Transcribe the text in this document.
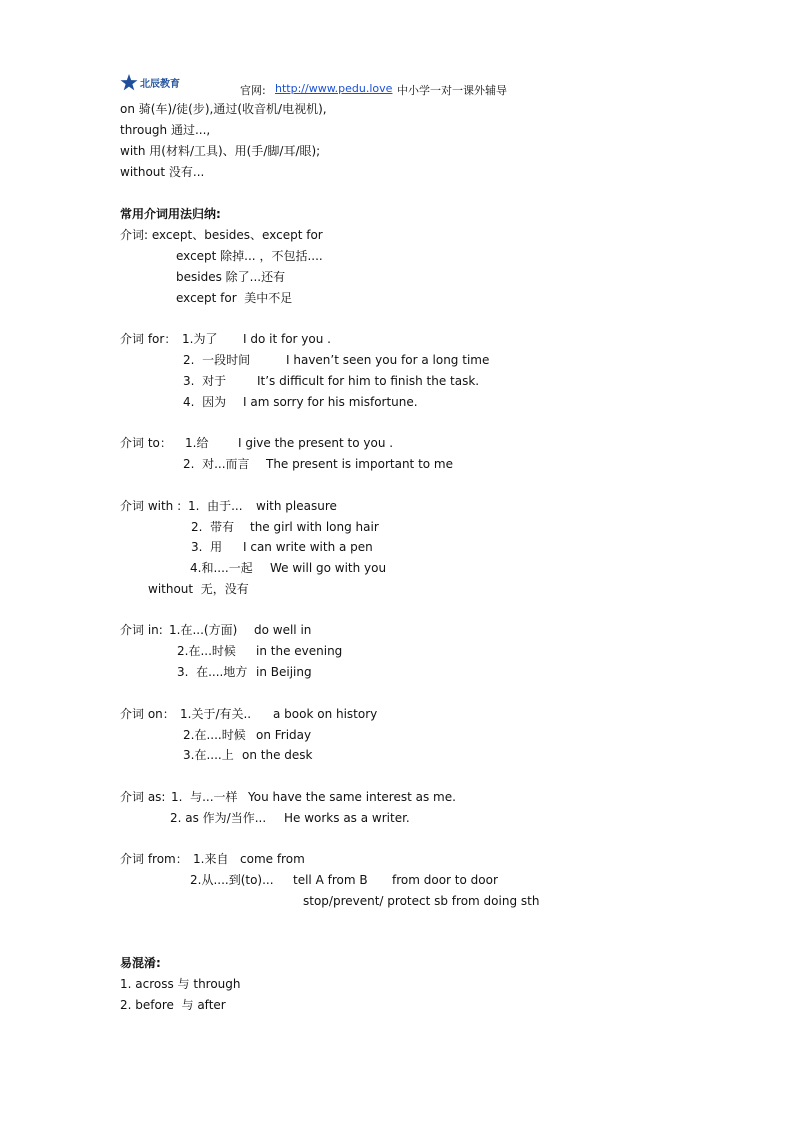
北辰教育	官网: http://www.pedu.love 中小学一对一课外辅导
on 骑(车)/徒(步),通过(收音机/电视机),
through 通过...,
with 用(材料/工具)、用(手/脚/耳/眼);
without 没有...
常用介词用法归纳:
介词: except、besides、except for
except 除掉... ，不包括....
besides 除了...还有
except for  美中不足
介词 for： 1.为了 I do it for you .
2.  一段时间	I haven’t seen you for a long time
3.  对于	It’s difficult for him to finish the task.
4.  因为 I am sorry for his misfortune.
介词 to： 1.给 I give the present to you .
2.  对...而言 The present is important to me
介词 with : 1.  由于... with pleasure
2.  带有 the girl with long hair
3.  用 I can write with a pen
4.和....一起 We will go with you
without  无，没有
介词 in: 1.在...(方面) do well in
2.在...时候 in the evening
3.  在....地方 in Beijing
介词 on： 1.关于/有关.. a book on history
2.在....时候 on Friday
3.在....上 on the desk
介词 as: 1.  与...一样 You have the same interest as me.
2. as 作为/当作... He works as a writer.
介词 from： 1.来自 come from
2.从....到(to)... tell A from B from door to door
stop/prevent/ protect sb from doing sth
易混淆:
1. across 与 through
2. before  与 after
